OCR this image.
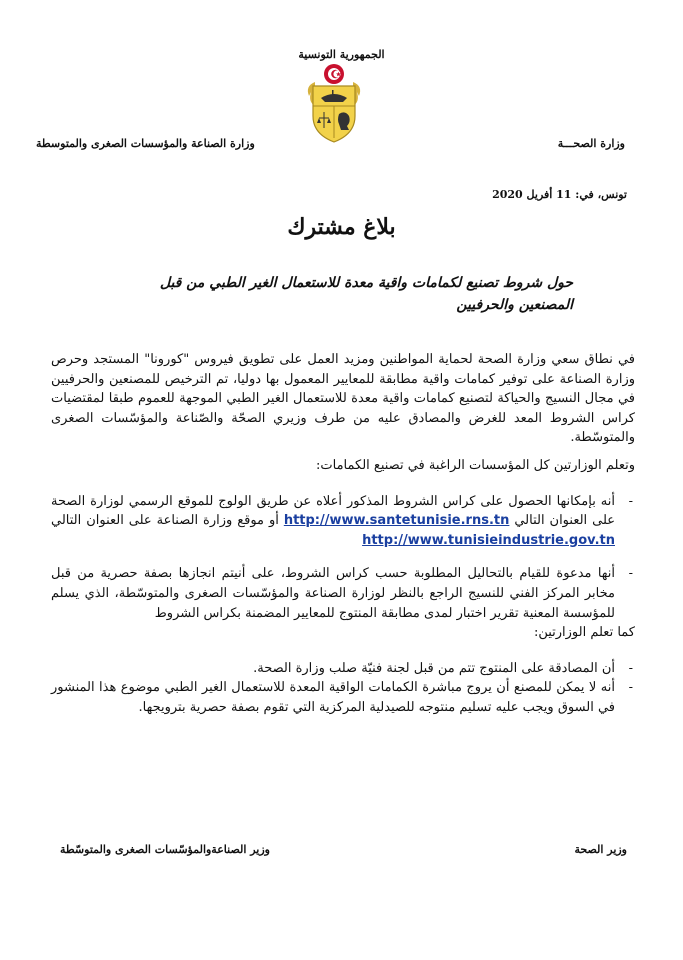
الجمهورية التونسية
وزارة الصحـــة
وزارة الصناعة والمؤسسات الصغرى والمتوسطة
تونس، في: 11 أفريل 2020
بلاغ مشترك
حول شروط تصنيع لكمامات واقية معدة للاستعمال الغير الطبي من قبل المصنعين والحرفيين

في نطاق سعي وزارة الصحة لحماية المواطنين ومزيد العمل على تطويق فيروس "كورونا" المستجد وحرص وزارة الصناعة على توفير كمامات واقية مطابقة للمعايير المعمول بها دوليا، تم الترخيص للمصنعين والحرفيين في مجال النسيج والحياكة لتصنيع كمامات واقية معدة للاستعمال الغير الطبي الموجهة للعموم طبقا لمقتضيات كراس الشروط المعد للغرض والمصادق عليه من طرف وزيري الصحّة والصّناعة والمؤسّسات الصغرى والمتوسّطة.

وتعلم الوزارتين كل المؤسسات الراغبة في تصنيع الكمامات:

-
أنه بإمكانها الحصول على كراس الشروط المذكور أعلاه عن طريق الولوج للموقع الرسمي لوزارة الصحة على العنوان التالي http://www.santetunisie.rns.tn أو موقع وزارة الصناعة على العنوان التالي http://www.tunisieindustrie.gov.tn
-
أنها مدعوة للقيام بالتحاليل المطلوبة حسب كراس الشروط، على أنيتم انجازها بصفة حصرية من قبل مخابر المركز الفني للنسيج الراجع بالنظر لوزارة الصناعة والمؤسّسات الصغرى والمتوسّطة، الذي يسلم للمؤسسة المعنية تقرير اختبار لمدى مطابقة المنتوج للمعايير المضمنة بكراس الشروط

كما تعلم الوزارتين:

-
أن المصادقة على المنتوج تتم من قبل لجنة فنيّة صلب وزارة الصحة.
-
أنه لا يمكن للمصنع أن يروج مباشرة الكمامات الواقية المعدة للاستعمال الغير الطبي موضوع هذا المنشور في السوق ويجب عليه تسليم منتوجه للصيدلية المركزية التي تقوم بصفة حصرية بترويجها.
وزير الصحة
وزير الصناعةوالمؤسّسات الصغرى والمتوسّطة
